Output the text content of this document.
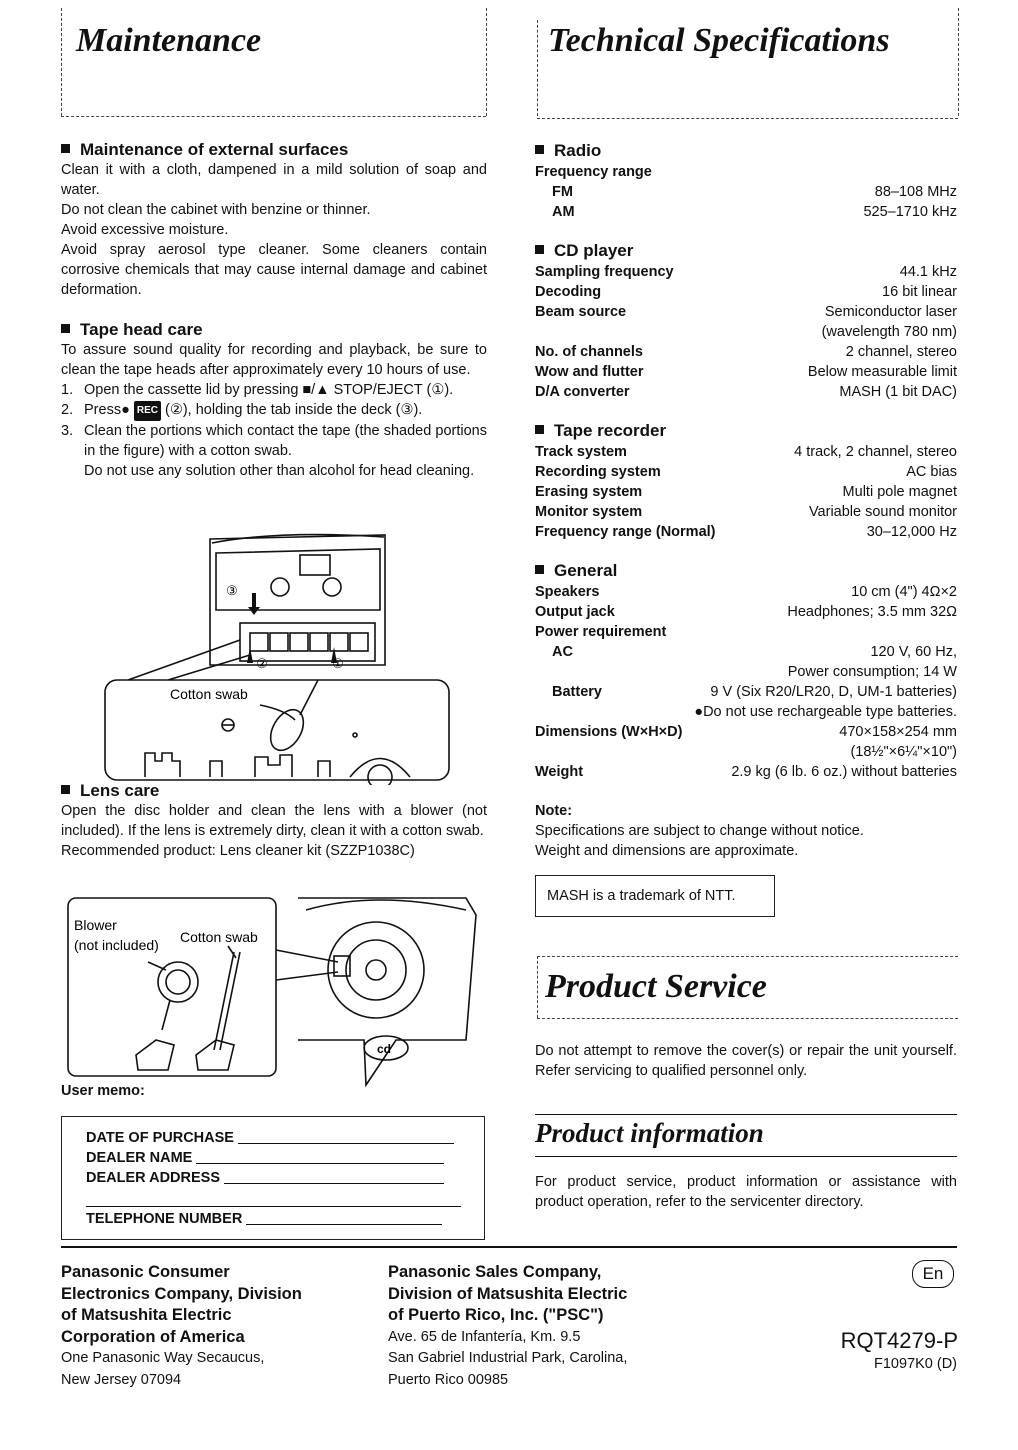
Maintenance	Technical Specifications
Maintenance of external surfaces
Clean it with a cloth, dampened in a mild solution of soap and water.
Do not clean the cabinet with benzine or thinner.
Avoid excessive moisture.
Avoid spray aerosol type cleaner. Some cleaners contain corrosive chemicals that may cause internal damage and cabinet deformation.
Tape head care
To assure sound quality for recording and playback, be sure to clean the tape heads after approximately every 10 hours of use.
1. Open the cassette lid by pressing ■/▲ STOP/EJECT (①).
2. Press● REC (②), holding the tab inside the deck (③).
3. Clean the portions which contact the tape (the shaded portions in the figure) with a cotton swab.
Do not use any solution other than alcohol for head cleaning.
①
②
③
Cotton swab
Lens care
Open the disc holder and clean the lens with a blower (not included). If the lens is extremely dirty, clean it with a cotton swab.
Recommended product: Lens cleaner kit (SZZP1038C)
Blower
(not included) Cotton swab
cd
User memo:
DATE OF PURCHASE
DEALER NAME
DEALER ADDRESS
TELEPHONE NUMBER
Radio
Frequency range
FM	88–108 MHz
AM	525–1710 kHz
CD player
Sampling frequency	44.1 kHz
Decoding	16 bit linear
Beam source	Semiconductor laser
(wavelength 780 nm)
No. of channels	2 channel, stereo
Wow and flutter	Below measurable limit
D/A converter	MASH (1 bit DAC)
Tape recorder
Track system	4 track, 2 channel, stereo
Recording system	AC bias
Erasing system	Multi pole magnet
Monitor system	Variable sound monitor
Frequency range (Normal)	30–12,000 Hz
General
Speakers	10 cm (4") 4Ω×2
Output jack	Headphones; 3.5 mm 32Ω
Power requirement
AC	120 V, 60 Hz,
Power consumption; 14 W
Battery	9 V (Six R20/LR20, D, UM-1 batteries)
●Do not use rechargeable type batteries.
Dimensions (W×H×D)	470×158×254 mm
(18½"×6¼"×10")
Weight	2.9 kg (6 lb. 6 oz.) without batteries
Note:
Specifications are subject to change without notice.
Weight and dimensions are approximate.
MASH is a trademark of NTT.
Product Service
Do not attempt to remove the cover(s) or repair the unit yourself. Refer servicing to qualified personnel only.
Product information
For product service, product information or assistance with product operation, refer to the servicenter directory.
Panasonic Consumer
Electronics Company, Division
of Matsushita Electric
Corporation of America
One Panasonic Way Secaucus,
New Jersey 07094
Panasonic Sales Company,
Division of Matsushita Electric
of Puerto Rico, Inc. ("PSC")
Ave. 65 de Infantería, Km. 9.5
San Gabriel Industrial Park, Carolina,
Puerto Rico 00985
En
RQT4279-P
F1097K0 (D)
